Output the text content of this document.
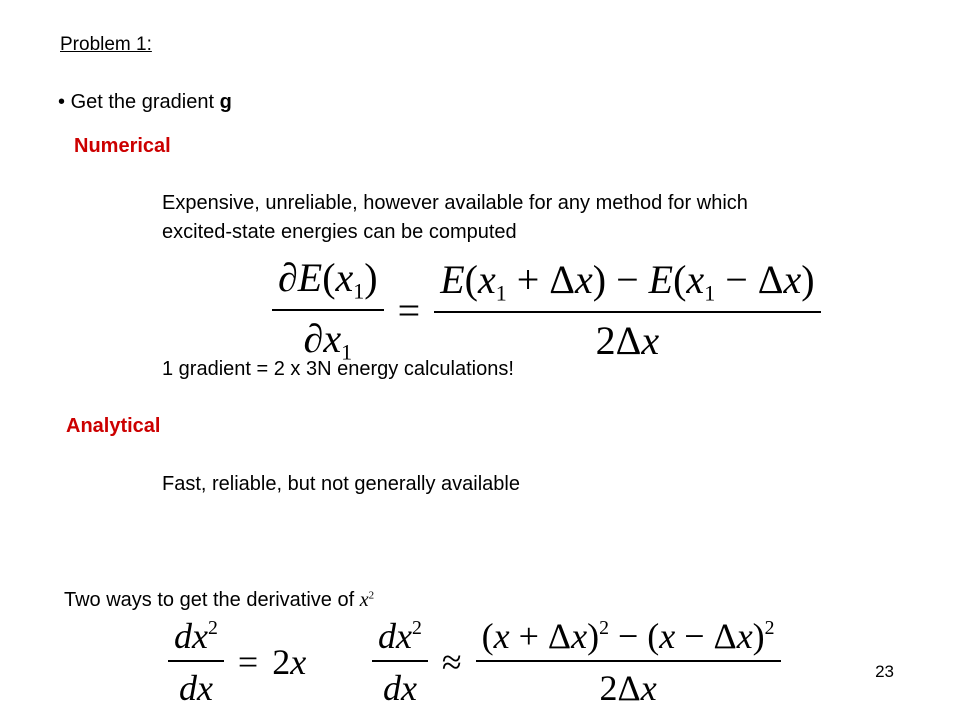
Problem 1:
• Get the gradient g
Numerical
Expensive, unreliable, however available for any method for which
excited-state energies can be computed
$\frac{\partial E(x_1)}{\partial x_1} = \frac{E(x_1 + \Delta x) - E(x_1 - \Delta x)}{2\Delta x}$
1 gradient = 2 x 3N energy calculations!
Analytical
Fast, reliable, but not generally available
Two ways to get the derivative of $x^2$
$\frac{dx^2}{dx} = 2x \frac{dx^2}{dx} \approx \frac{(x + \Delta x)^2 - (x - \Delta x)^2}{2\Delta x}$	23
